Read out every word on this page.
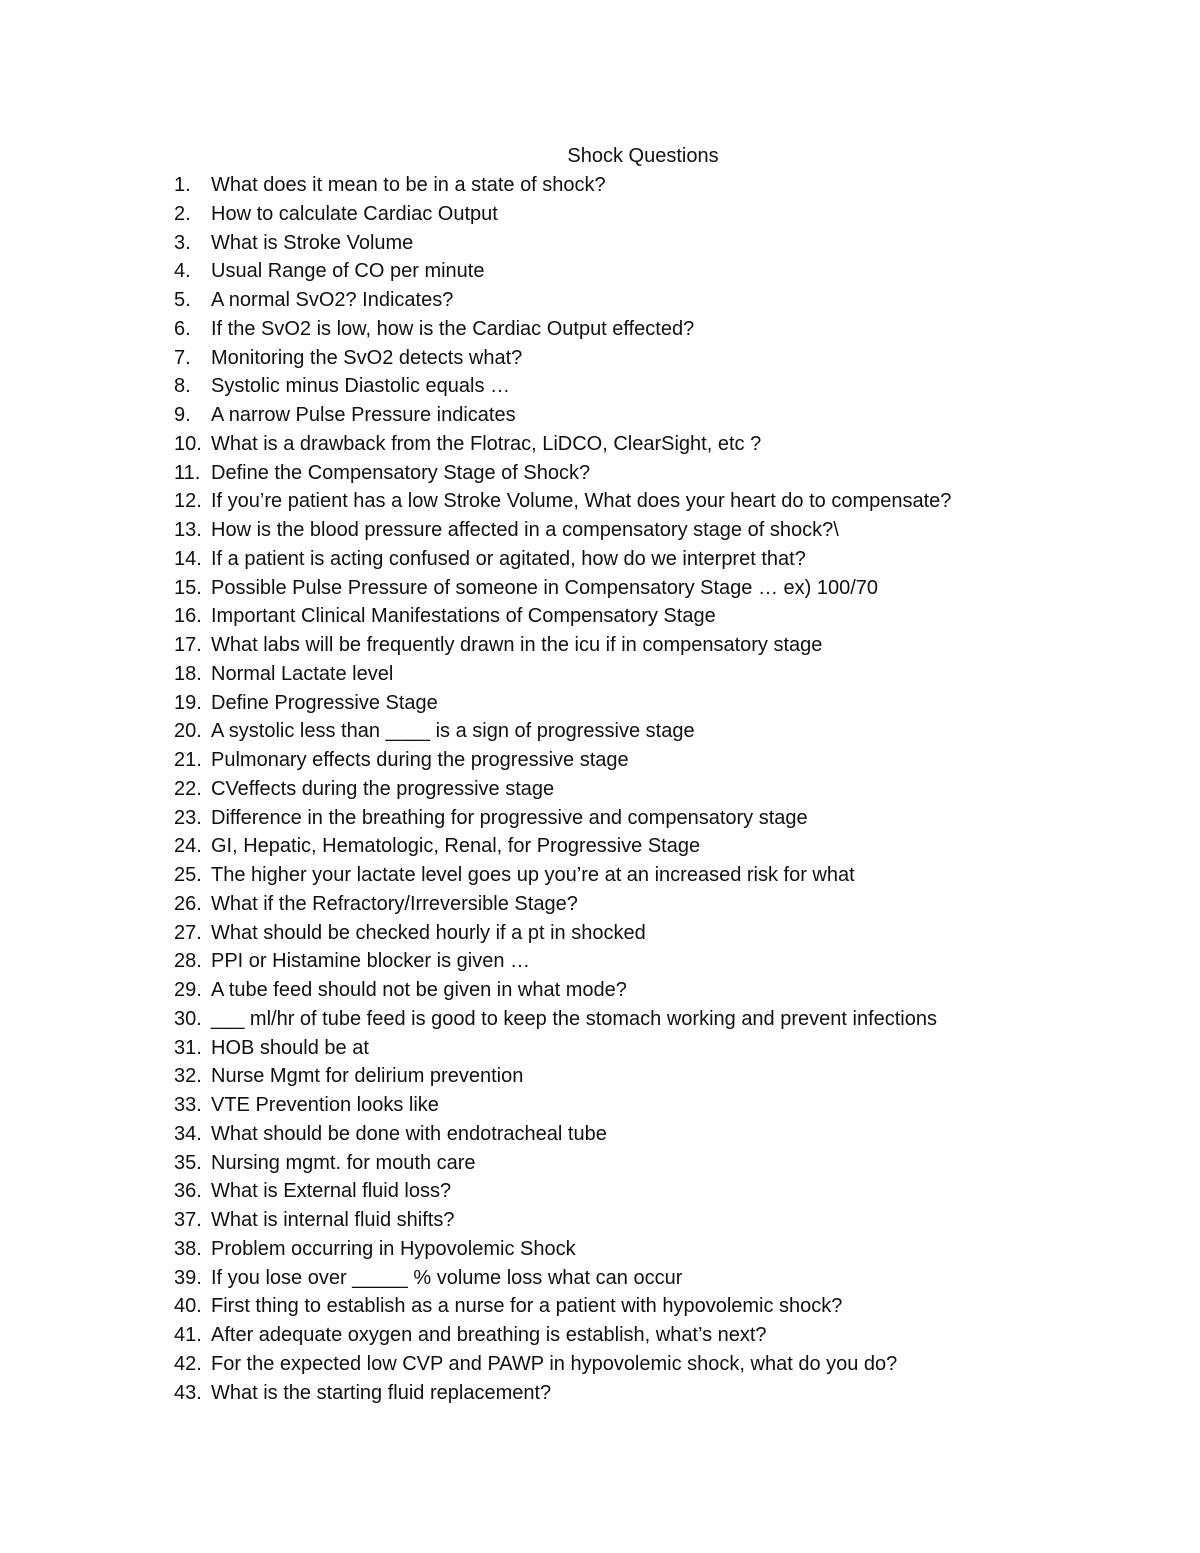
Shock Questions
1.	What does it mean to be in a state of shock?
2.	How to calculate Cardiac Output
3.	What is Stroke Volume
4.	Usual Range of CO per minute
5.	A normal SvO2? Indicates?
6.	If the SvO2 is low, how is the Cardiac Output effected?
7.	Monitoring the SvO2 detects what?
8.	Systolic minus Diastolic equals …
9.	A narrow Pulse Pressure indicates
10. What is a drawback from the Flotrac, LiDCO, ClearSight, etc ?
11. Define the Compensatory Stage of Shock?
12. If you’re patient has a low Stroke Volume, What does your heart do to compensate?
13. How is the blood pressure affected in a compensatory stage of shock?\
14. If a patient is acting confused or agitated, how do we interpret that?
15. Possible Pulse Pressure of someone in Compensatory Stage … ex) 100/70
16. Important Clinical Manifestations of Compensatory Stage
17. What labs will be frequently drawn in the icu if in compensatory stage
18. Normal Lactate level
19. Define Progressive Stage
20. A systolic less than ____ is a sign of progressive stage
21. Pulmonary effects during the progressive stage
22. CVeffects during the progressive stage
23. Difference in the breathing for progressive and compensatory stage
24. GI, Hepatic, Hematologic, Renal, for Progressive Stage
25. The higher your lactate level goes up you’re at an increased risk for what
26. What if the Refractory/Irreversible Stage?
27. What should be checked hourly if a pt in shocked
28. PPI or Histamine blocker is given …
29. A tube feed should not be given in what mode?
30. ___ ml/hr of tube feed is good to keep the stomach working and prevent infections
31. HOB should be at
32. Nurse Mgmt for delirium prevention
33. VTE Prevention looks like
34. What should be done with endotracheal tube
35. Nursing mgmt. for mouth care
36. What is External fluid loss?
37. What is internal fluid shifts?
38. Problem occurring in Hypovolemic Shock
39. If you lose over _____ % volume loss what can occur
40. First thing to establish as a nurse for a patient with hypovolemic shock?
41. After adequate oxygen and breathing is establish, what’s next?
42. For the expected low CVP and PAWP in hypovolemic shock, what do you do?
43. What is the starting fluid replacement?
